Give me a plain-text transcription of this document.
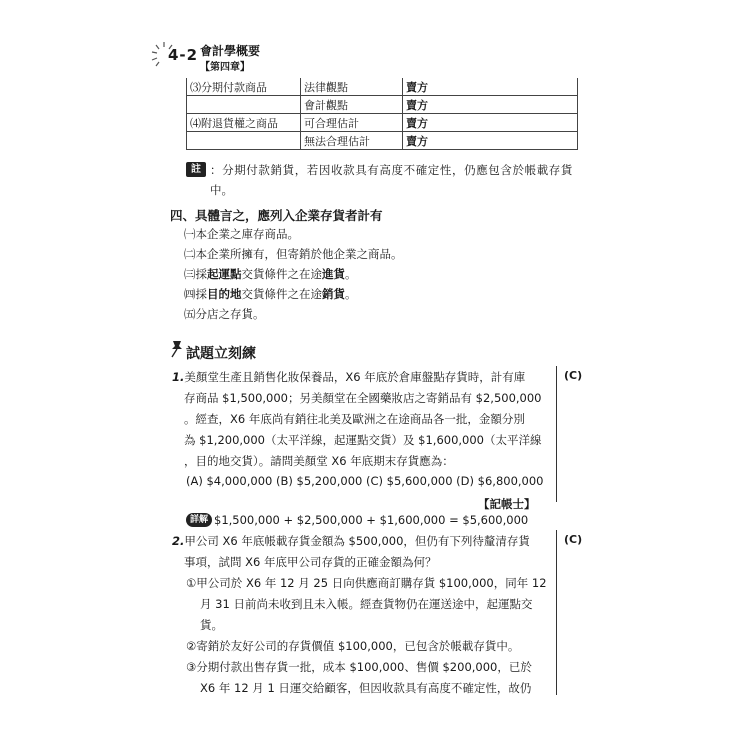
4-2 會計學概要
【第四章】
⑶分期付款商品	法律觀點	賣方
	會計觀點	賣方
⑷附退貨權之商品	可合理估計	賣方
	無法合理估計	賣方
註 ：分期付款銷貨，若因收款具有高度不確定性，仍應包含於帳載存貨
中。
四、具體言之，應列入企業存貨者計有
㈠本企業之庫存商品。
㈡本企業所擁有，但寄銷於他企業之商品。
㈢採起運點交貨條件之在途進貨。
㈣採目的地交貨條件之在途銷貨。
㈤分店之存貨。
試題立刻練
1.美顏堂生產且銷售化妝保養品，X6 年底於倉庫盤點存貨時，計有庫	(C)
存商品 $1,500,000；另美顏堂在全國藥妝店之寄銷品有 $2,500,000
。經查，X6 年底尚有銷往北美及歐洲之在途商品各一批，金額分別
為 $1,200,000（太平洋線，起運點交貨）及 $1,600,000（太平洋線
，目的地交貨）。請問美顏堂 X6 年底期末存貨應為：
(A) $4,000,000 (B) $5,200,000 (C) $5,600,000 (D) $6,800,000
【記帳士】
詳解 $1,500,000 + $2,500,000 + $1,600,000 = $5,600,000
2.甲公司 X6 年底帳載存貨金額為 $500,000，但仍有下列待釐清存貨	(C)
事項，試問 X6 年底甲公司存貨的正確金額為何？
①甲公司於 X6 年 12 月 25 日向供應商訂購存貨 $100,000，同年 12
月 31 日前尚未收到且未入帳。經查貨物仍在運送途中，起運點交
貨。
②寄銷於友好公司的存貨價值 $100,000，已包含於帳載存貨中。
③分期付款出售存貨一批，成本 $100,000、售價 $200,000，已於
X6 年 12 月 1 日運交給顧客，但因收款具有高度不確定性，故仍
